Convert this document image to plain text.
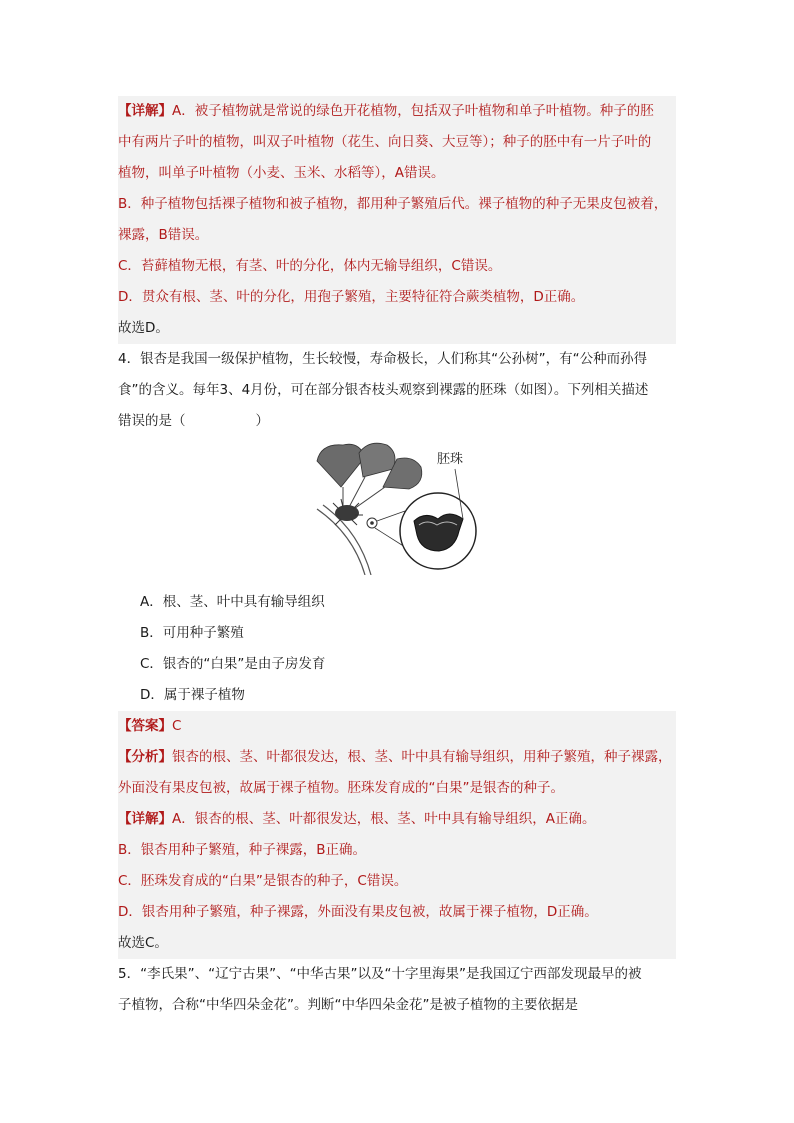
【详解】A．被子植物就是常说的绿色开花植物，包括双子叶植物和单子叶植物。种子的胚
中有两片子叶的植物，叫双子叶植物（花生、向日葵、大豆等）；种子的胚中有一片子叶的
植物，叫单子叶植物（小麦、玉米、水稻等），A错误。
B．种子植物包括裸子植物和被子植物，都用种子繁殖后代。裸子植物的种子无果皮包被着，
裸露，B错误。
C．苔藓植物无根，有茎、叶的分化，体内无输导组织，C错误。
D．贯众有根、茎、叶的分化，用孢子繁殖，主要特征符合蕨类植物，D正确。
故选D。
4．银杏是我国一级保护植物，生长较慢，寿命极长，人们称其“公孙树”，有“公种而孙得
食”的含义。每年3、4月份，可在部分银杏枝头观察到裸露的胚珠（如图）。下列相关描述
错误的是（	）
胚珠
A．根、茎、叶中具有输导组织
B．可用种子繁殖
C．银杏的“白果”是由子房发育
D．属于裸子植物
【答案】C
【分析】银杏的根、茎、叶都很发达，根、茎、叶中具有输导组织，用种子繁殖，种子裸露，
外面没有果皮包被，故属于裸子植物。胚珠发育成的“白果”是银杏的种子。
【详解】A．银杏的根、茎、叶都很发达，根、茎、叶中具有输导组织，A正确。
B．银杏用种子繁殖，种子裸露，B正确。
C．胚珠发育成的“白果”是银杏的种子，C错误。
D．银杏用种子繁殖，种子裸露，外面没有果皮包被，故属于裸子植物，D正确。
故选C。
5．“李氏果”、“辽宁古果”、“中华古果”以及“十字里海果”是我国辽宁西部发现最早的被
子植物，合称“中华四朵金花”。判断“中华四朵金花”是被子植物的主要依据是
